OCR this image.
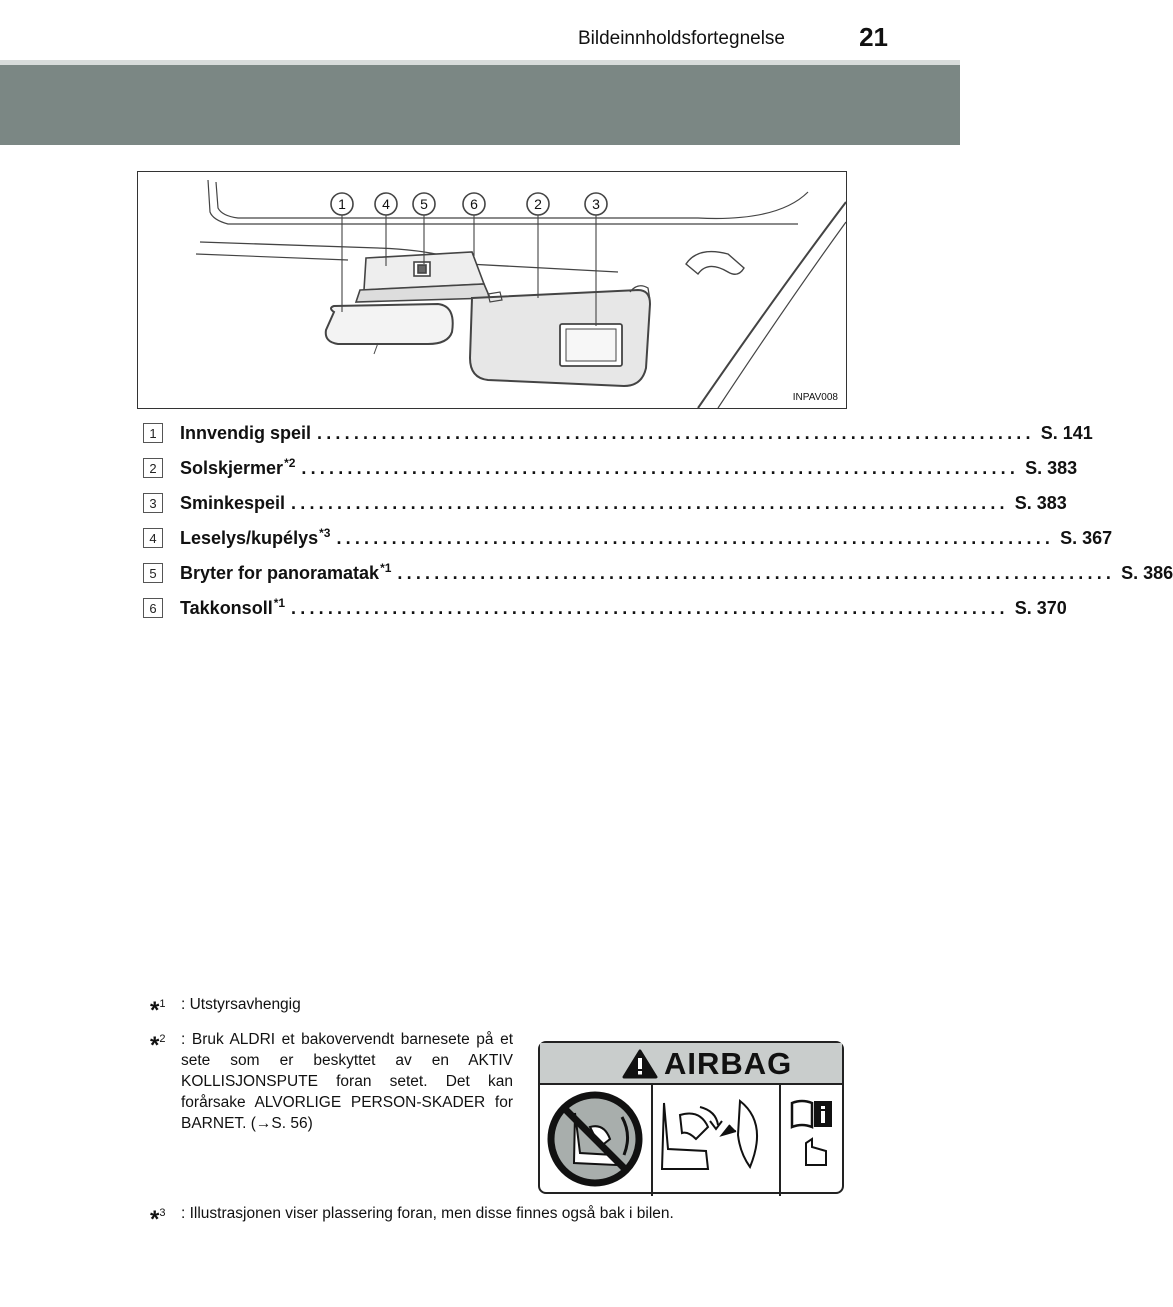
Bildeinnholdsfortegnelse	21
1	4 5	6	2	3
INPAV008
1	Innvendig speil .............................................................................. S. 141
2	Solskjermer$^{*2}$ .............................................................................. S. 383
3	Sminkespeil .............................................................................. S. 383
4	Leselys/kupélys$^{*3}$ .............................................................................. S. 367
5	Bryter for panoramatak$^{*1}$ .............................................................................. S. 386
6	Takkonsoll$^{*1}$ .............................................................................. S. 370
*$^1$ : Utstyrsavhengig
*$^2$ : Bruk ALDRI et bakovervendt barnesete på et sete som er beskyttet av en AKTIV KOLLISJONSPUTE foran setet. Det kan forårsake ALVORLIGE PERSON-SKADER for BARNET. (→S. 56)
*$^3$ : Illustrasjonen viser plassering foran, men disse finnes også bak i bilen.
AIRBAG
